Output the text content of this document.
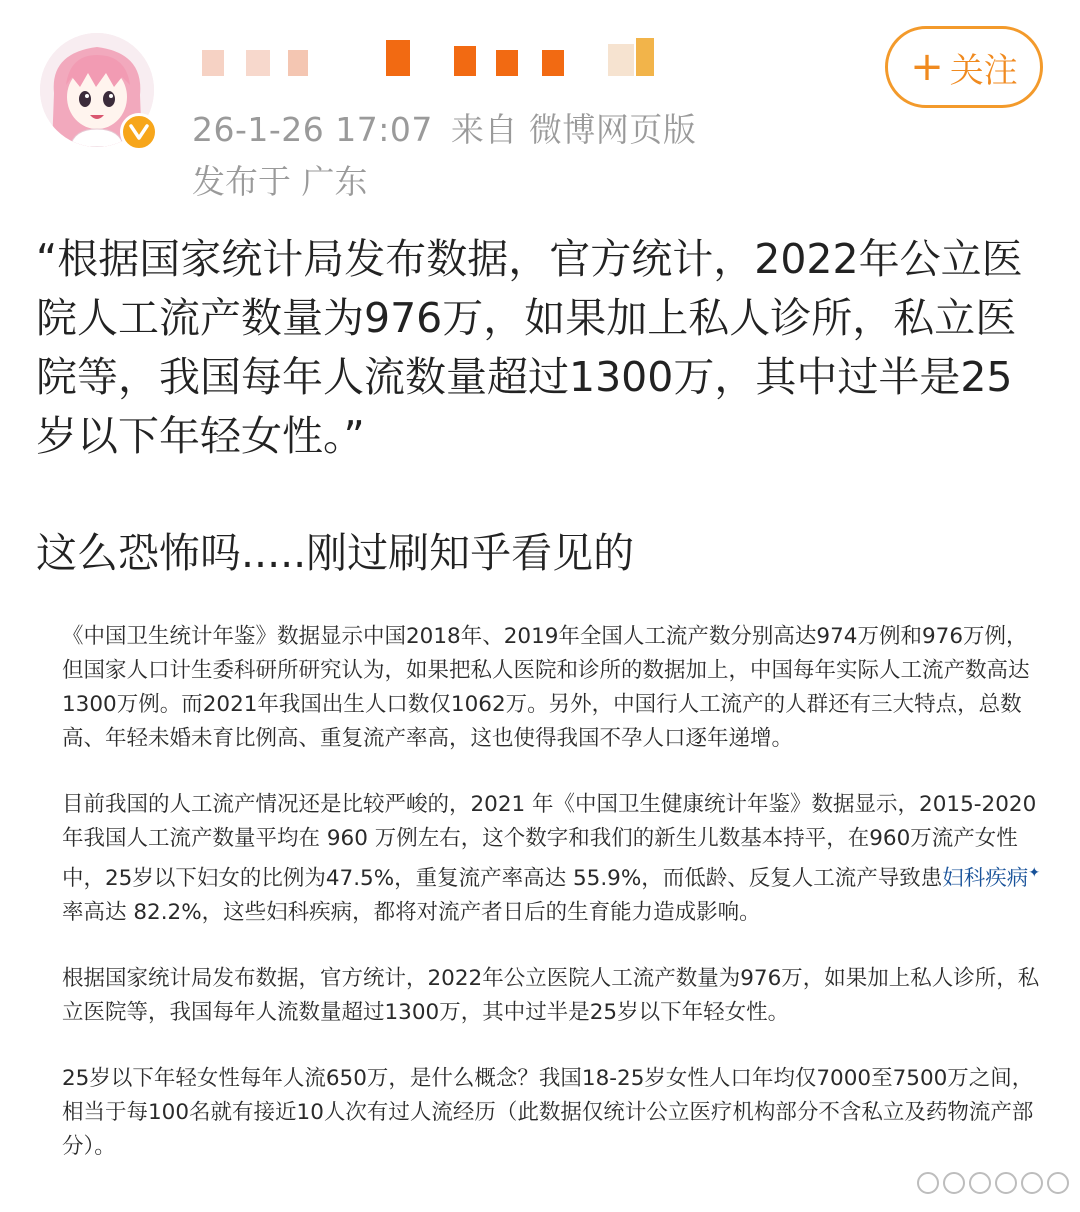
26-1-26 17:07 来自 微博网页版
发布于 广东
+ 关注

“根据国家统计局发布数据，官方统计，2022年公立医院人工流产数量为976万，如果加上私人诊所，私立医院等，我国每年人流数量超过1300万，其中过半是25岁以下年轻女性。”

这么恐怖吗.....刚过刷知乎看见的

《中国卫生统计年鉴》数据显示中国2018年、2019年全国人工流产数分别高达974万例和976万例，但国家人口计生委科研所研究认为，如果把私人医院和诊所的数据加上，中国每年实际人工流产数高达1300万例。而2021年我国出生人口数仅1062万。另外，中国行人工流产的人群还有三大特点，总数高、年轻未婚未育比例高、重复流产率高，这也使得我国不孕人口逐年递增。

目前我国的人工流产情况还是比较严峻的，2021 年《中国卫生健康统计年鉴》数据显示，2015-2020年我国人工流产数量平均在 960 万例左右，这个数字和我们的新生儿数基本持平，在960万流产女性中，25岁以下妇女的比例为47.5%，重复流产率高达 55.9%，而低龄、反复人工流产导致患妇科疾病✦率高达 82.2%，这些妇科疾病，都将对流产者日后的生育能力造成影响。

根据国家统计局发布数据，官方统计，2022年公立医院人工流产数量为976万，如果加上私人诊所，私立医院等，我国每年人流数量超过1300万，其中过半是25岁以下年轻女性。

25岁以下年轻女性每年人流650万，是什么概念？我国18-25岁女性人口年均仅7000至7500万之间，相当于每100名就有接近10人次有过人流经历（此数据仅统计公立医疗机构部分不含私立及药物流产部分）。
